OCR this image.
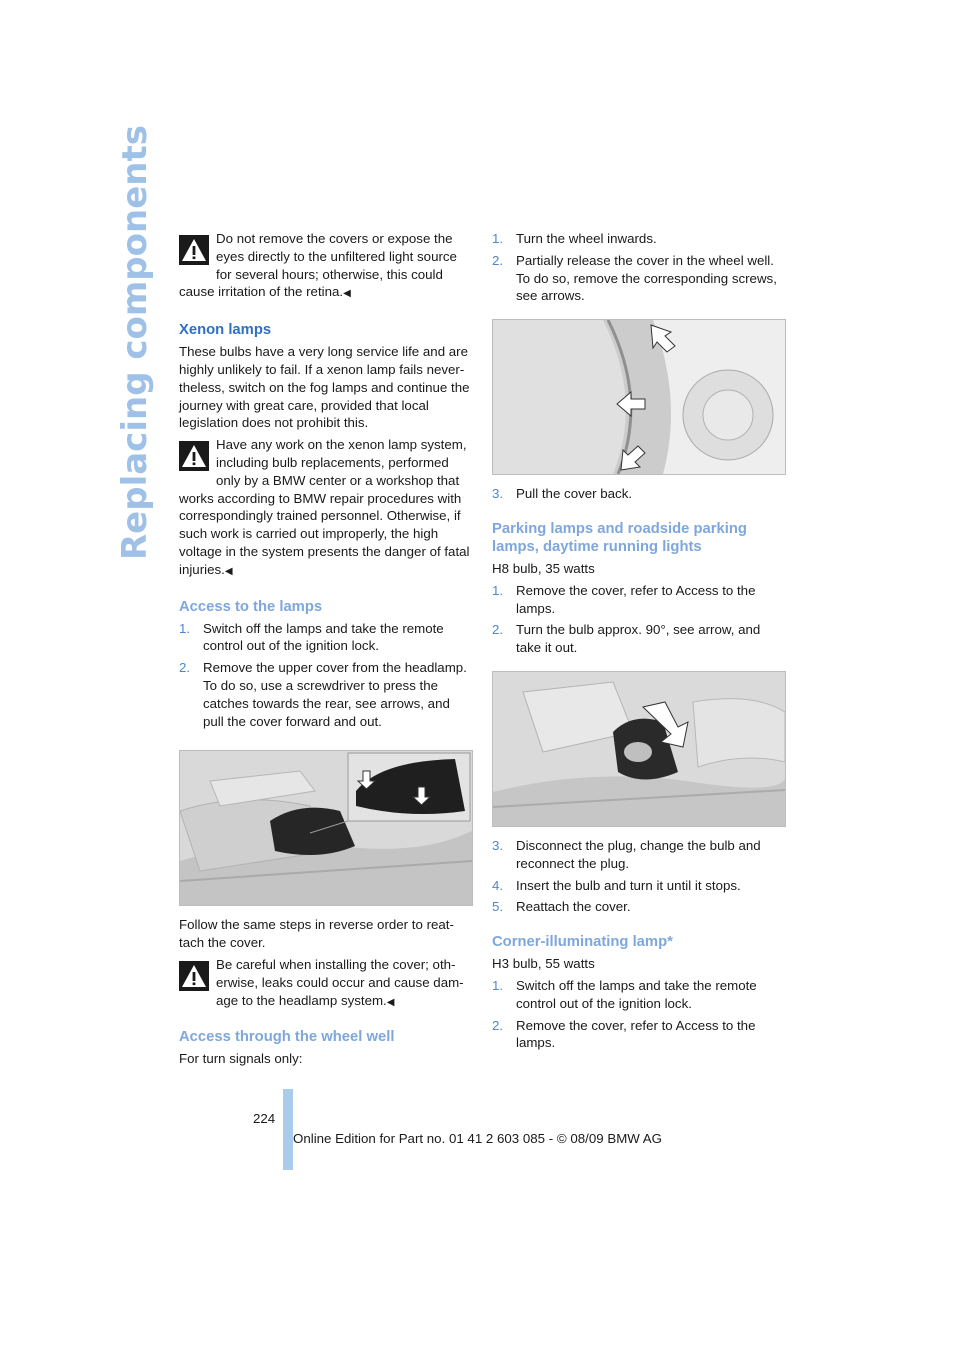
Replacing components	Do not remove the covers or expose the eyes directly to the unfiltered light source for several hours; otherwise, this could cause irritation of the retina.◀

Xenon lamps

These bulbs have a very long service life and are highly unlikely to fail. If a xenon lamp fails nevertheless, switch on the fog lamps and continue the journey with great care, provided that local legislation does not prohibit this.

Have any work on the xenon lamp system, including bulb replacements, performed only by a BMW center or a workshop that works according to BMW repair procedures with correspondingly trained personnel. Otherwise, if such work is carried out improperly, the high voltage in the system presents the danger of fatal injuries.◀

Access to the lamps
1. Switch off the lamps and take the remote control out of the ignition lock.
2. Remove the upper cover from the headlamp. To do so, use a screwdriver to press the catches towards the rear, see arrows, and pull the cover forward and out.

Follow the same steps in reverse order to reattach the cover.

Be careful when installing the cover; otherwise, leaks could occur and cause damage to the headlamp system.◀

Access through the wheel well

For turn signals only:

1. Turn the wheel inwards.
2. Partially release the cover in the wheel well. To do so, remove the corresponding screws, see arrows.
3. Pull the cover back.
Parking lamps and roadside parking lamps, daytime running lights

H8 bulb, 35 watts

1. Remove the cover, refer to Access to the lamps.
2. Turn the bulb approx. 90°, see arrow, and take it out.
3. Disconnect the plug, change the bulb and reconnect the plug.
4. Insert the bulb and turn it until it stops.
5. Reattach the cover.
Corner-illuminating lamp*

H3 bulb, 55 watts

1. Switch off the lamps and take the remote control out of the ignition lock.
2. Remove the cover, refer to Access to the lamps.
224
Online Edition for Part no. 01 41 2 603 085 - © 08/09 BMW AG
